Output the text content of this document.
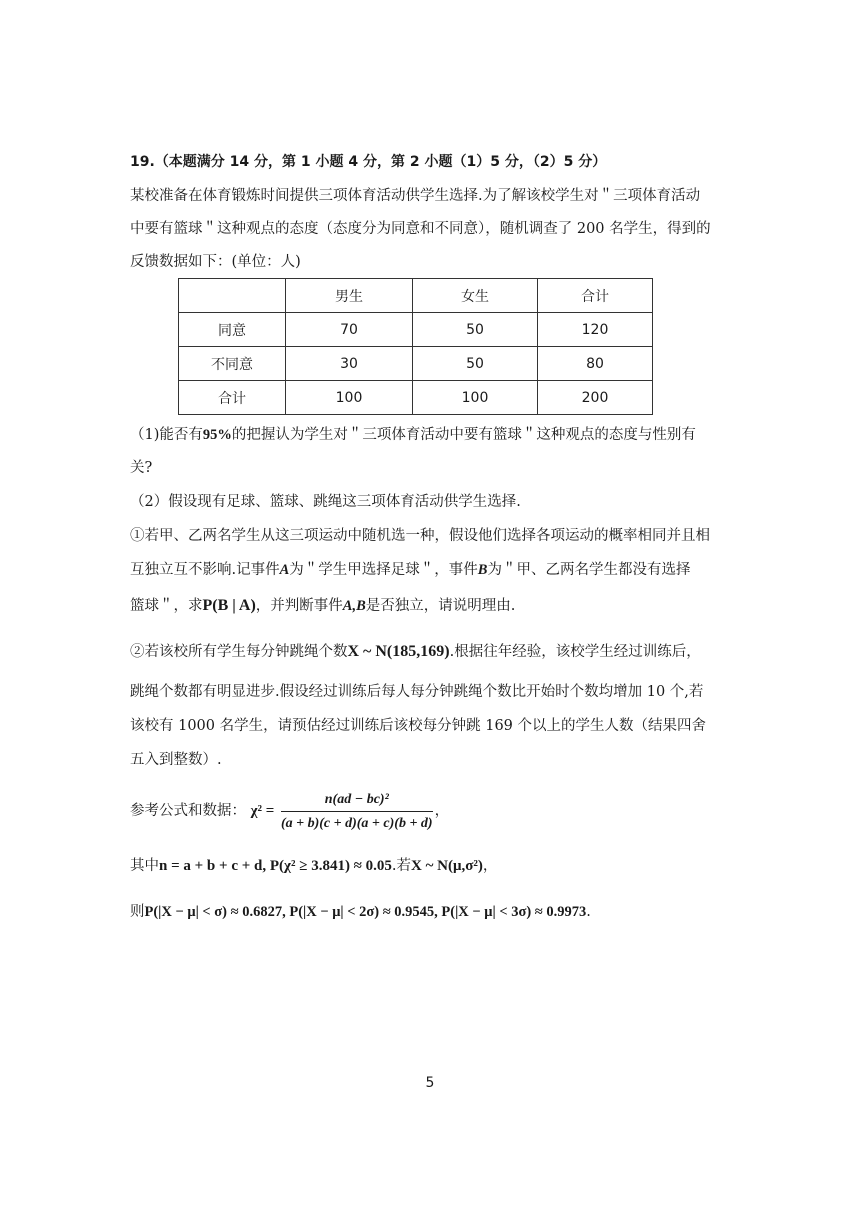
19.（本题满分 14 分，第 1 小题 4 分，第 2 小题（1）5 分，（2）5 分）
某校准备在体育锻炼时间提供三项体育活动供学生选择.为了解该校学生对＂三项体育活动
中要有篮球＂这种观点的态度（态度分为同意和不同意），随机调查了 200 名学生，得到的
反馈数据如下：(单位：人)
	男生	女生	合计
同意	70	50	120
不同意	30	50	80
合计	100	100	200
（1)能否有95%的把握认为学生对＂三项体育活动中要有篮球＂这种观点的态度与性别有
关?
（2）假设现有足球、篮球、跳绳这三项体育活动供学生选择.
①若甲、乙两名学生从这三项运动中随机选一种，假设他们选择各项运动的概率相同并且相
互独立互不影响.记事件A为＂学生甲选择足球＂，事件B为＂甲、乙两名学生都没有选择
篮球＂，求P(B | A)，并判断事件A,B是否独立，请说明理由.
②若该校所有学生每分钟跳绳个数X ~ N(185,169).根据往年经验，该校学生经过训练后，
跳绳个数都有明显进步.假设经过训练后每人每分钟跳绳个数比开始时个数均增加 10 个,若
该校有 1000 名学生，请预估经过训练后该校每分钟跳 169 个以上的学生人数（结果四舍
五入到整数）.
参考公式和数据： $\chi^2 = \frac{\text{n(ad − bc)²}}{(a + b)(c + d)(a + c)(b + d)}$ ，
其中n = a + b + c + d, P(χ² ≥ 3.841) ≈ 0.05.若X ~ N(μ,σ²)，
则P(|X − μ| < σ) ≈ 0.6827, P(|X − μ| < 2σ) ≈ 0.9545, P(|X − μ| < 3σ) ≈ 0.9973.
5
